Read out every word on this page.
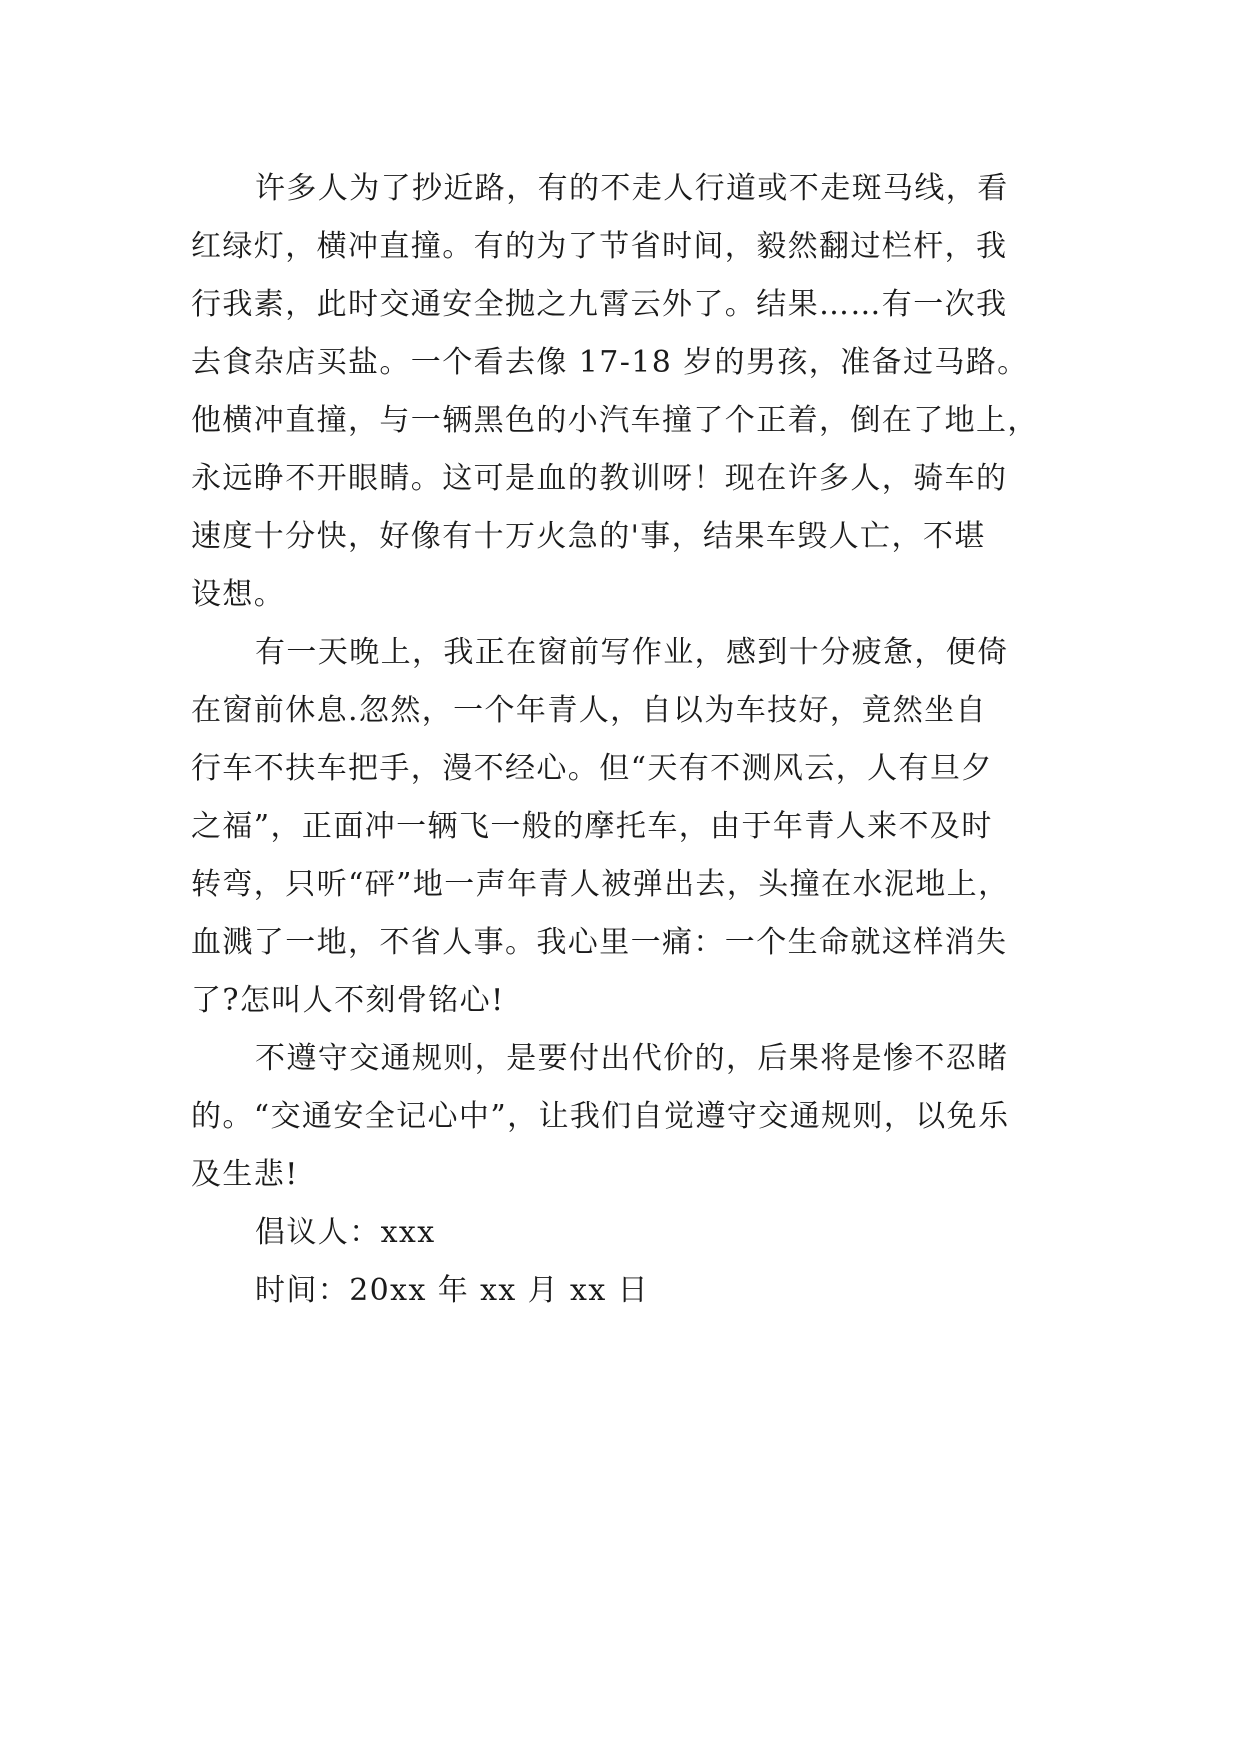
许多人为了抄近路，有的不走人行道或不走斑马线，看
红绿灯，横冲直撞。有的为了节省时间，毅然翻过栏杆，我
行我素，此时交通安全抛之九霄云外了。结果……有一次我
去食杂店买盐。一个看去像 17-18 岁的男孩，准备过马路。
他横冲直撞，与一辆黑色的小汽车撞了个正着，倒在了地上，
永远睁不开眼睛。这可是血的教训呀！现在许多人，骑车的
速度十分快，好像有十万火急的'事，结果车毁人亡，不堪
设想。
有一天晚上，我正在窗前写作业，感到十分疲惫，便倚
在窗前休息.忽然，一个年青人，自以为车技好，竟然坐自
行车不扶车把手，漫不经心。但“天有不测风云，人有旦夕
之福”，正面冲一辆飞一般的摩托车，由于年青人来不及时
转弯，只听“砰”地一声年青人被弹出去，头撞在水泥地上，
血溅了一地，不省人事。我心里一痛：一个生命就这样消失
了?怎叫人不刻骨铭心!
不遵守交通规则，是要付出代价的，后果将是惨不忍睹
的。“交通安全记心中”，让我们自觉遵守交通规则，以免乐
及生悲!
倡议人：xxx
时间：20xx 年 xx 月 xx 日
